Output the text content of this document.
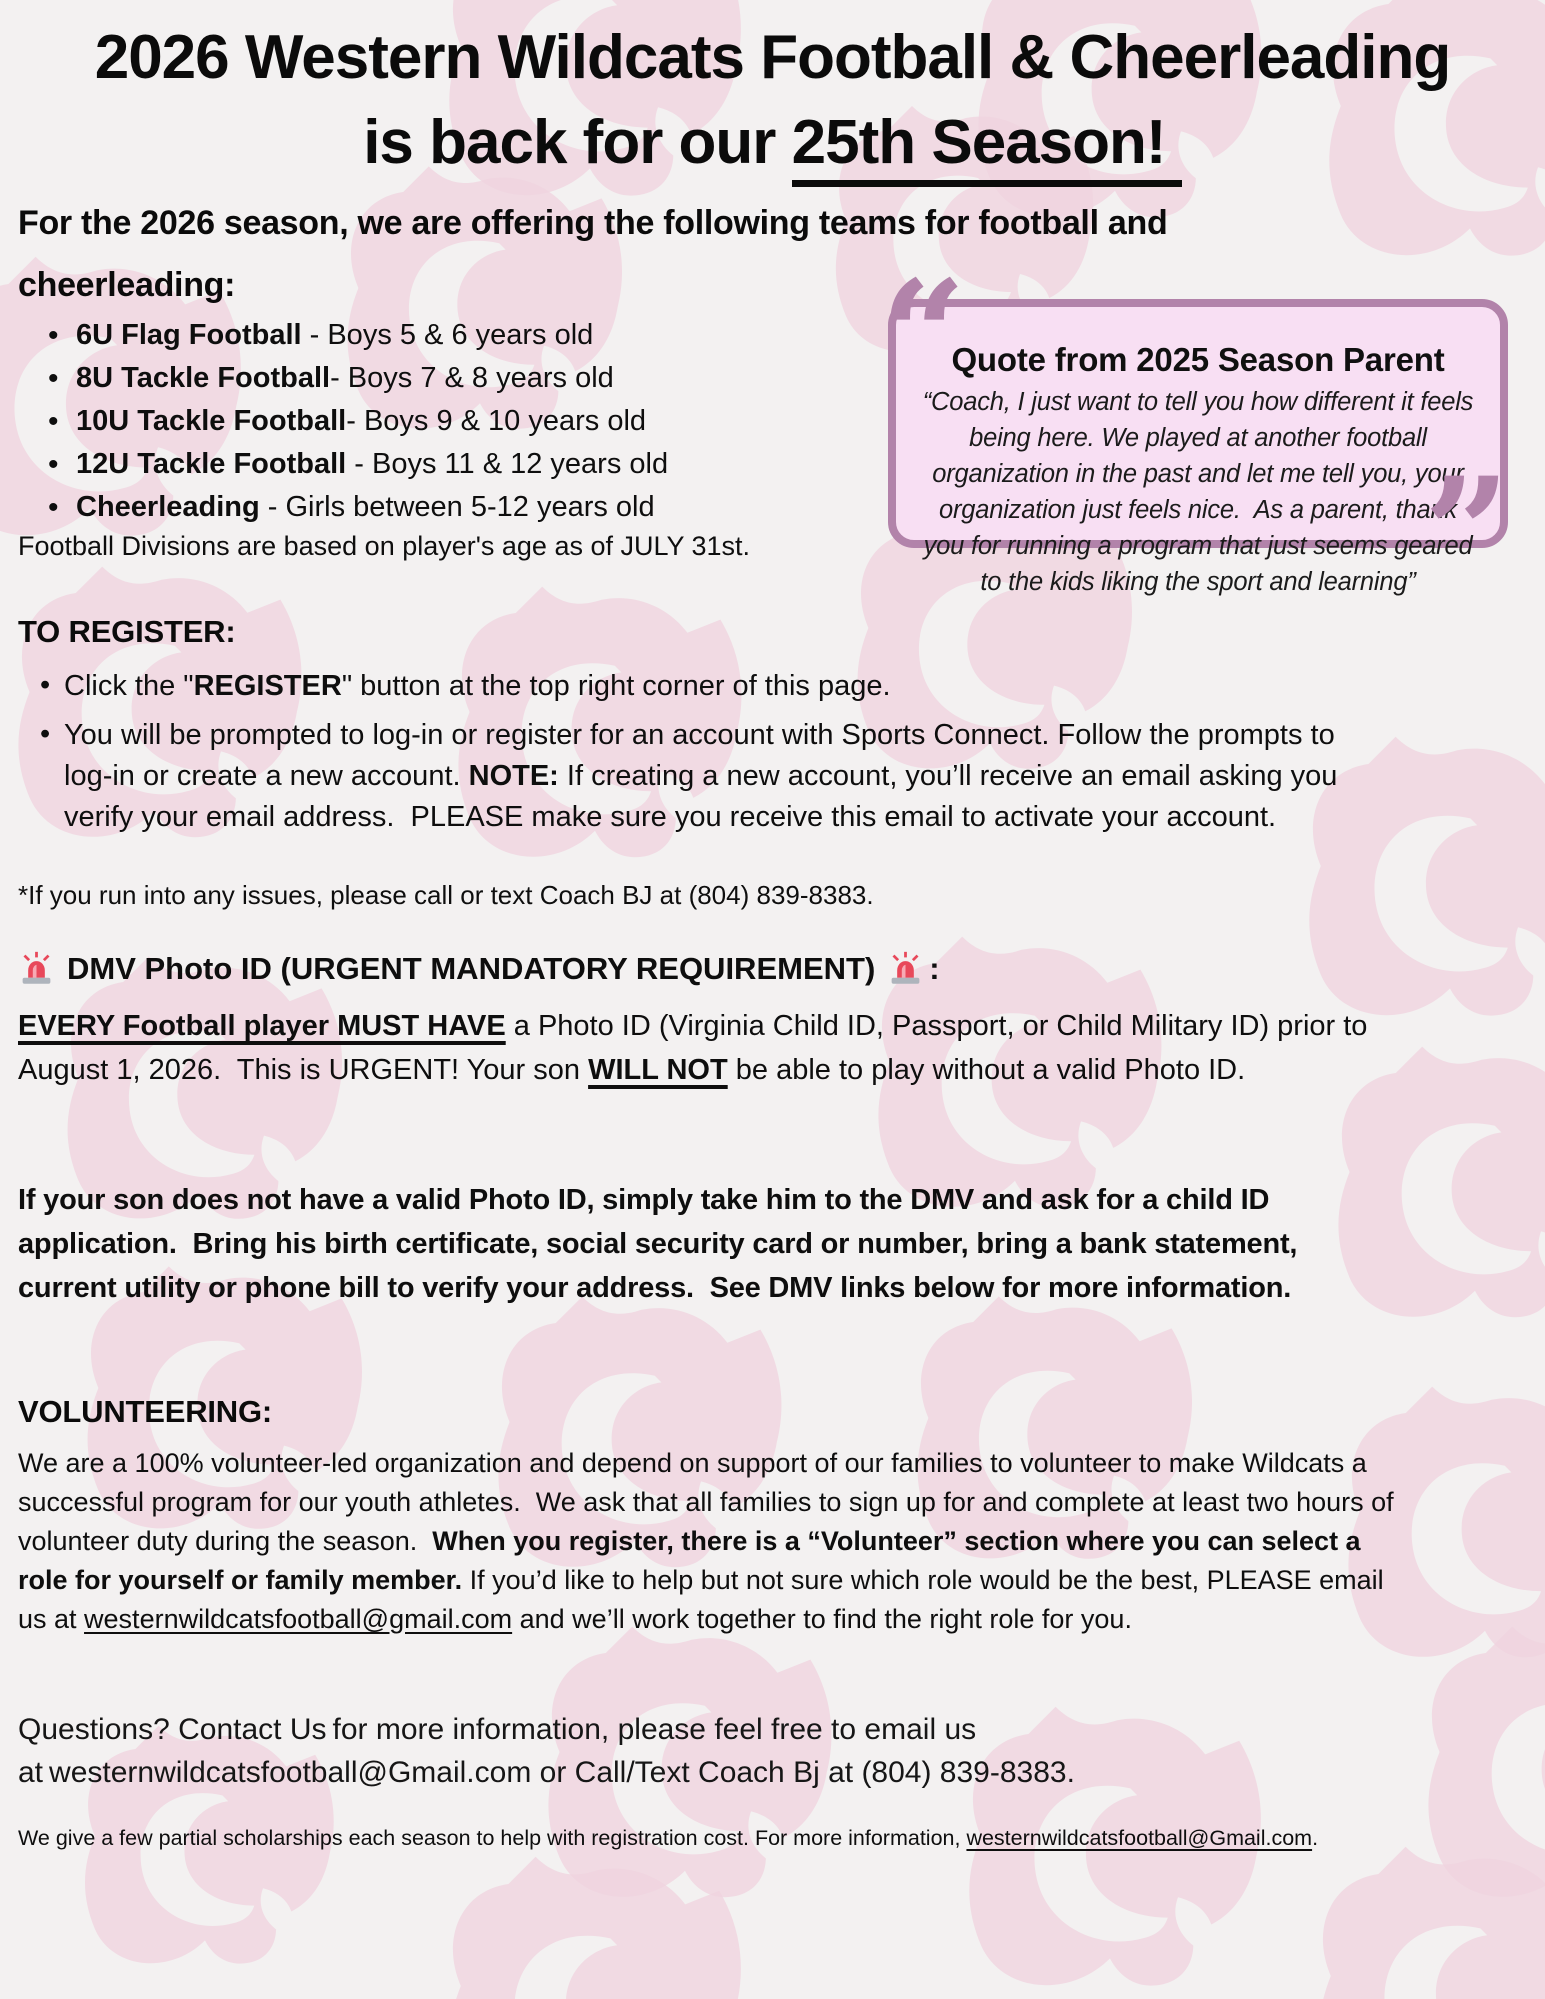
2026 Western Wildcats Football & Cheerleading
is back for our 25th Season!
For the 2026 season, we are offering the following teams for football and
cheerleading:
• 6U Flag Football - Boys 5 & 6 years old
• 8U Tackle Football- Boys 7 & 8 years old
• 10U Tackle Football- Boys 9 & 10 years old
• 12U Tackle Football - Boys 11 & 12 years old
• Cheerleading - Girls between 5-12 years old

Football Divisions are based on player's age as of JULY 31st.

“
”
Quote from 2025 Season Parent

“Coach, I just want to tell you how different it feels being here. We played at another football organization in the past and let me tell you, your organization just feels nice.  As a parent, thank you for running a program that just seems geared to the kids liking the sport and learning”

TO REGISTER:
• Click the "REGISTER" button at the top right corner of this page.
• You will be prompted to log-in or register for an account with Sports Connect. Follow the prompts to log-in or create a new account. NOTE: If creating a new account, you’ll receive an email asking you verify your email address.  PLEASE make sure you receive this email to activate your account.

*If you run into any issues, please call or text Coach BJ at (804) 839-8383.

DMV Photo ID (URGENT MANDATORY REQUIREMENT) :

EVERY Football player MUST HAVE a Photo ID (Virginia Child ID, Passport, or Child Military ID) prior to August 1, 2026.  This is URGENT! Your son WILL NOT be able to play without a valid Photo ID.

If your son does not have a valid Photo ID, simply take him to the DMV and ask for a child ID application.  Bring his birth certificate, social security card or number, bring a bank statement, current utility or phone bill to verify your address.  See DMV links below for more information.

VOLUNTEERING:

We are a 100% volunteer-led organization and depend on support of our families to volunteer to make Wildcats a successful program for our youth athletes.  We ask that all families to sign up for and complete at least two hours of volunteer duty during the season.  When you register, there is a “Volunteer” section where you can select a role for yourself or family member. If you’d like to help but not sure which role would be the best, PLEASE email us at westernwildcatsfootball@gmail.com and we’ll work together to find the right role for you.

Questions? Contact Us for more information, please feel free to email us at westernwildcatsfootball@Gmail.com or Call/Text Coach Bj at (804) 839-8383.

We give a few partial scholarships each season to help with registration cost. For more information, westernwildcatsfootball@Gmail.com.
